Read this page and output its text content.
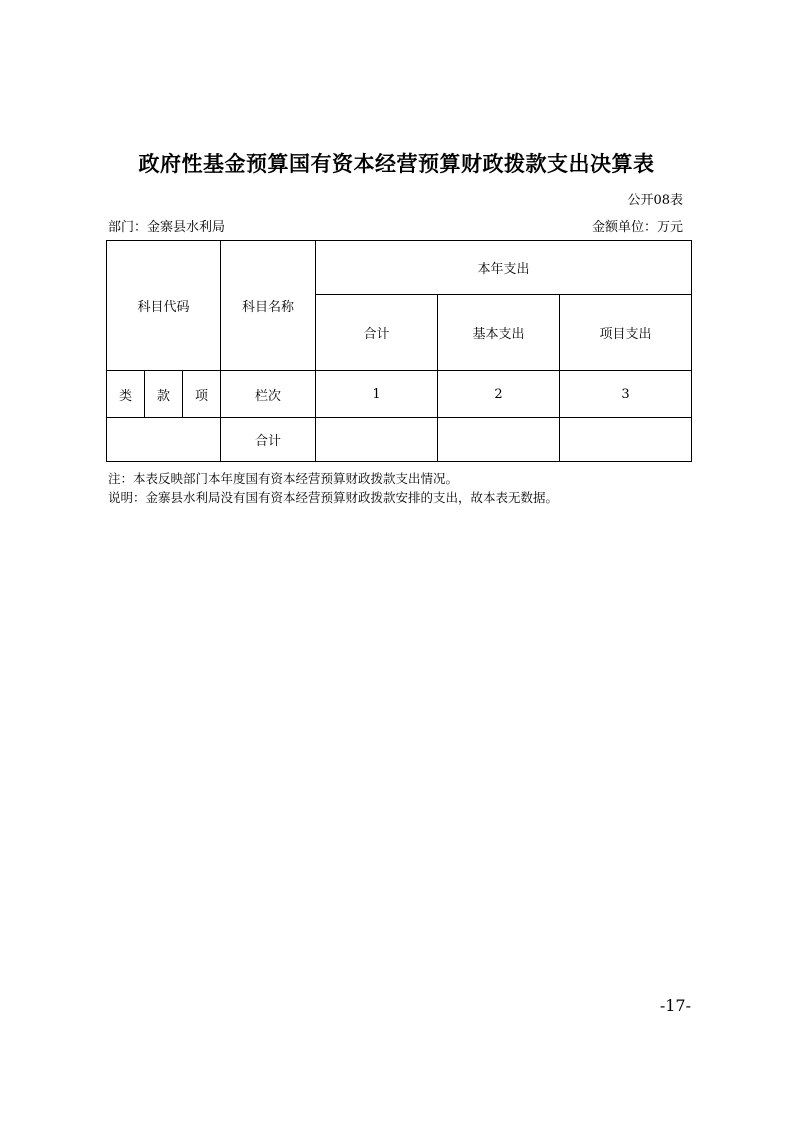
政府性基金预算国有资本经营预算财政拨款支出决算表
公开08表
部门：金寨县水利局	金额单位：万元
科目代码			科目名称	本年支出		
				合计	基本支出	项目支出
类	款	项	栏次	1	2	3
			合计			
注：本表反映部门本年度国有资本经营预算财政拨款支出情况。
说明：金寨县水利局没有国有资本经营预算财政拨款安排的支出，故本表无数据。
-17-
